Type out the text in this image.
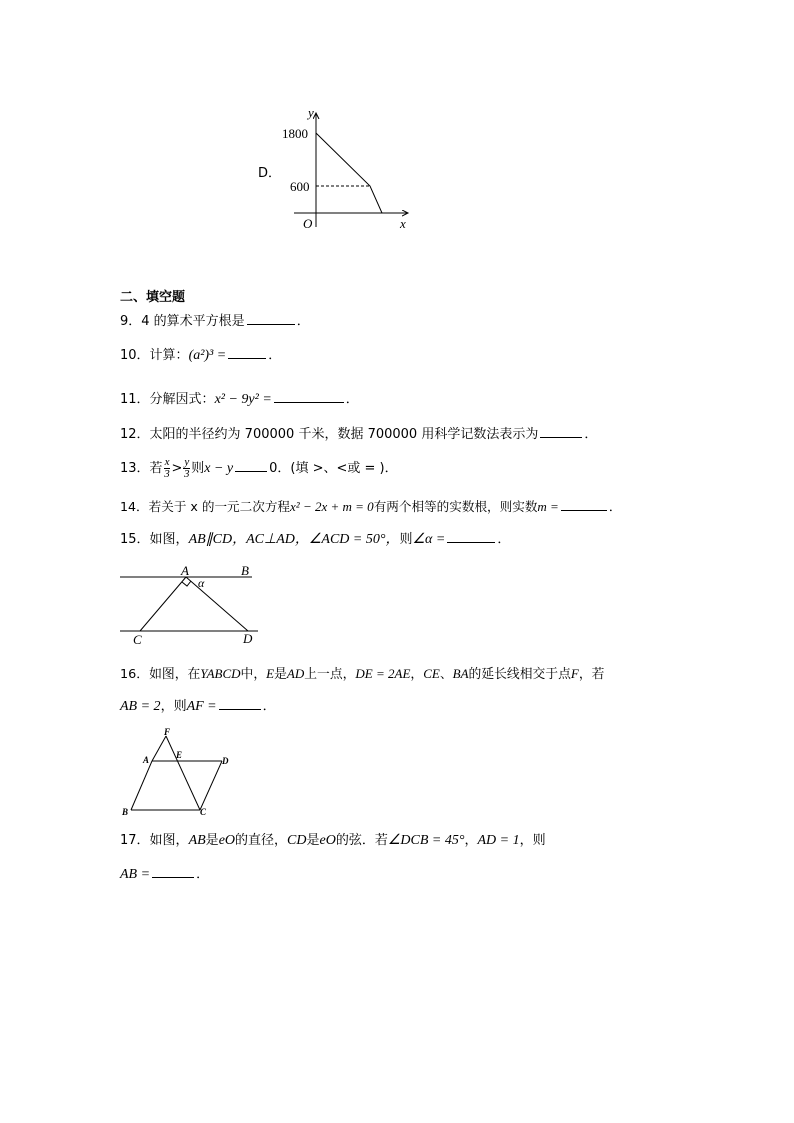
D．
y
x
O
1800
600
二、填空题
9．4 的算术平方根是	．
10．计算：(a²)³ =	．
11．分解因式：x² − 9y² =	．
12．太阳的半径约为 700000 千米，数据 700000 用科学记数法表示为	．
13．若 $\frac{x}{3} > \frac{y}{3}$ 则x − y	0．(填 >、<或 = )．
14．若关于 x 的一元二次方程x² − 2x + m = 0有两个相等的实数根，则实数m =	．
15．如图，AB∥CD，AC⊥AD，∠ACD = 50°，则∠α =	．
A	B
C	D
α
16．如图，在YABCD中，E是AD上一点，DE = 2AE，CE、BA的延长线相交于点F，若
AB = 2，则AF =	．
F
A	E
D
B	C
17．如图，AB是eO的直径，CD是eO的弦．若∠DCB = 45°，AD = 1，则
AB =	．
